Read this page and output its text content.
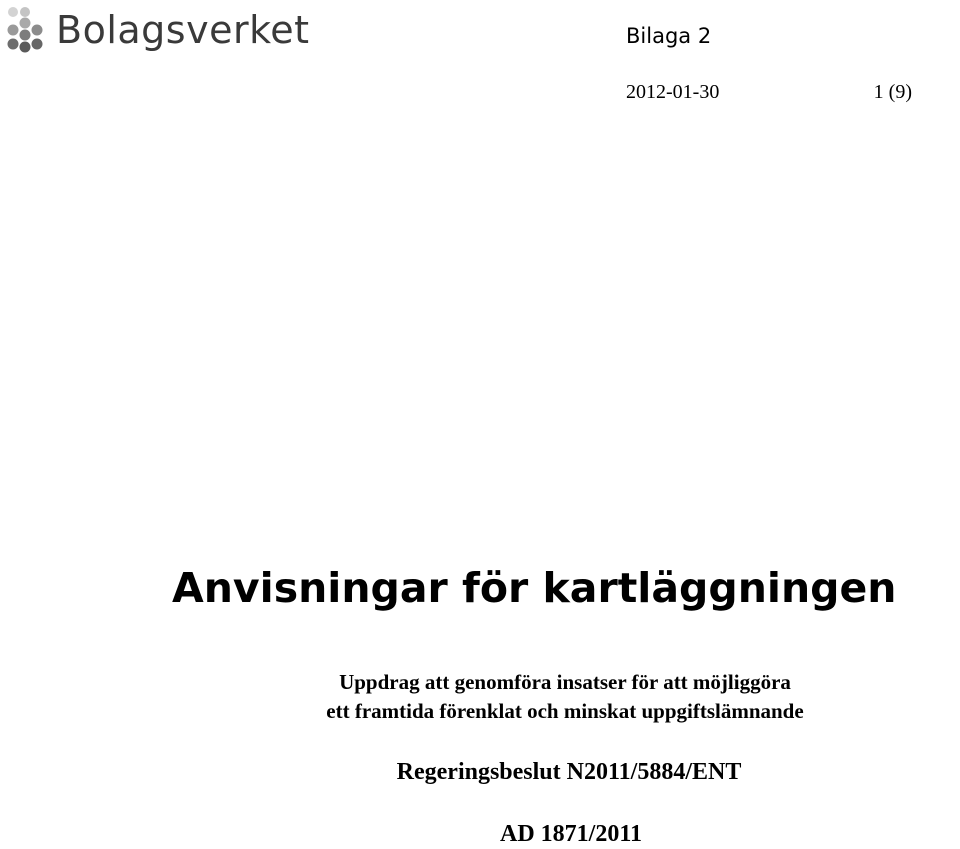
Bolagsverket	Bilaga 2
2012-01-30	1 (9)
Anvisningar för kartläggningen
Uppdrag att genomföra insatser för att möjliggöra
ett framtida förenklat och minskat uppgiftslämnande
Regeringsbeslut N2011/5884/ENT
AD 1871/2011
